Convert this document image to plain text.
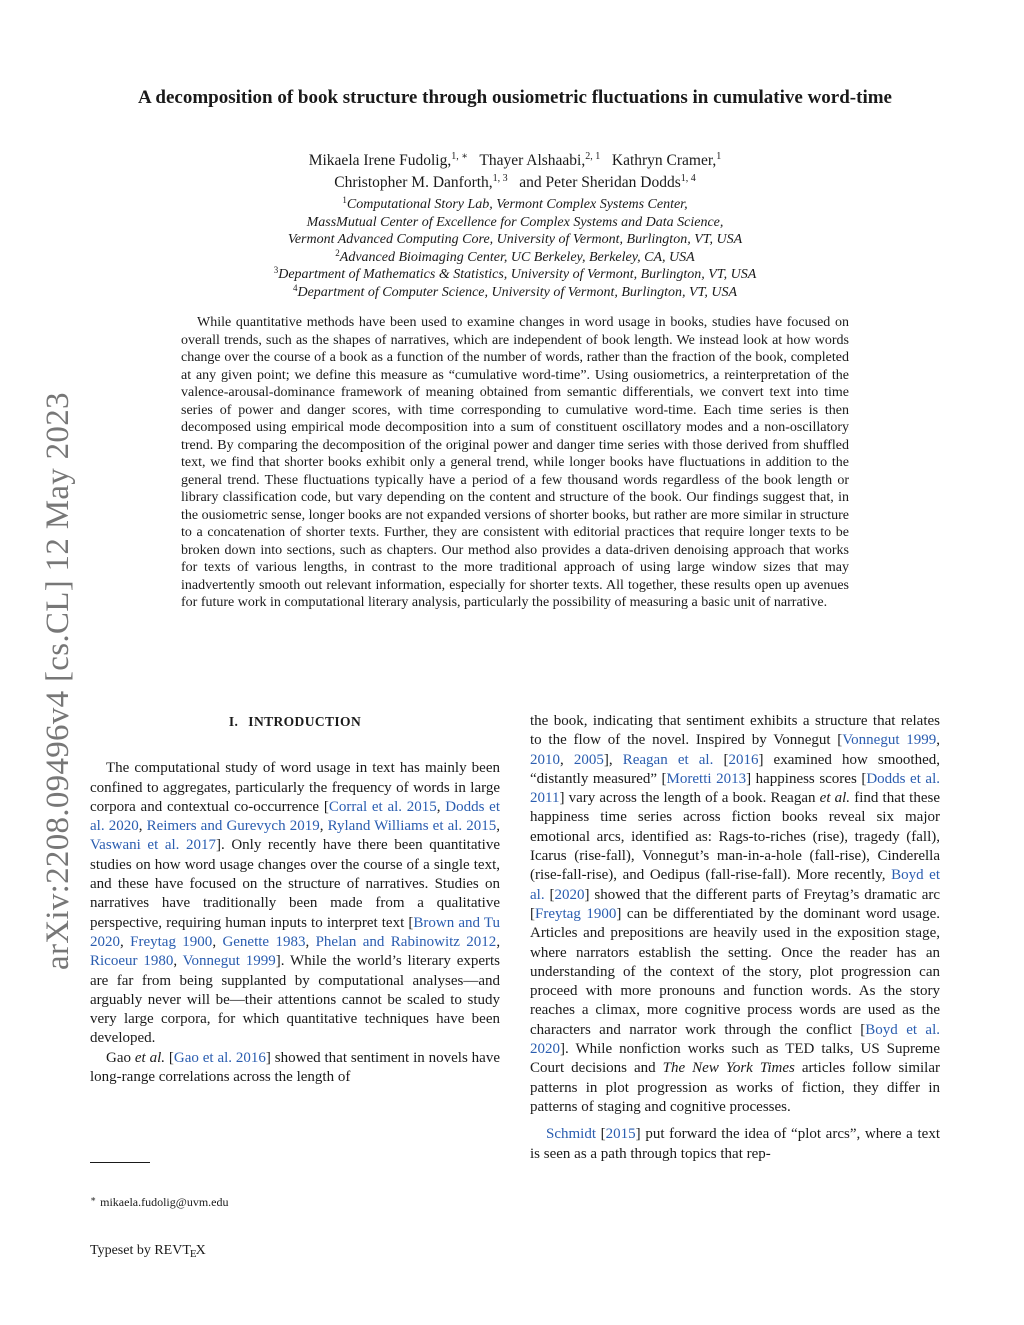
arXiv:2208.09496v4 [cs.CL] 12 May 2023
A decomposition of book structure through ousiometric fluctuations in cumulative word-time
Mikaela Irene Fudolig,$^{1, ∗}$ Thayer Alshaabi,$^{2, 1}$ Kathryn Cramer,$^1$
Christopher M. Danforth,$^{1, 3}$ and Peter Sheridan Dodds$^{1, 4}$
$^1$Computational Story Lab, Vermont Complex Systems Center,
MassMutual Center of Excellence for Complex Systems and Data Science,
Vermont Advanced Computing Core, University of Vermont, Burlington, VT, USA
$^2$Advanced Bioimaging Center, UC Berkeley, Berkeley, CA, USA
$^3$Department of Mathematics & Statistics, University of Vermont, Burlington, VT, USA
$^4$Department of Computer Science, University of Vermont, Burlington, VT, USA

While quantitative methods have been used to examine changes in word usage in books, studies have focused on overall trends, such as the shapes of narratives, which are independent of book length. We instead look at how words change over the course of a book as a function of the number of words, rather than the fraction of the book, completed at any given point; we define this measure as “cumulative word-time”. Using ousiometrics, a reinterpretation of the valence-arousal-dominance framework of meaning obtained from semantic differentials, we convert text into time series of power and danger scores, with time corresponding to cumulative word-time. Each time series is then decomposed using empirical mode decomposition into a sum of constituent oscillatory modes and a non-oscillatory trend. By comparing the decomposition of the original power and danger time series with those derived from shuffled text, we find that shorter books exhibit only a general trend, while longer books have fluctuations in addition to the general trend. These fluctuations typically have a period of a few thousand words regardless of the book length or library classification code, but vary depending on the content and structure of the book. Our findings suggest that, in the ousiometric sense, longer books are not expanded versions of shorter books, but rather are more similar in structure to a concatenation of shorter texts. Further, they are consistent with editorial practices that require longer texts to be broken down into sections, such as chapters. Our method also provides a data-driven denoising approach that works for texts of various lengths, in contrast to the more traditional approach of using large window sizes that may inadvertently smooth out relevant information, especially for shorter texts. All together, these results open up avenues for future work in computational literary analysis, particularly the possibility of measuring a basic unit of narrative.

I. INTRODUCTION

The computational study of word usage in text has mainly been confined to aggregates, particularly the frequency of words in large corpora and contextual co-occurrence [Corral et al. 2015, Dodds et al. 2020, Reimers and Gurevych 2019, Ryland Williams et al. 2015, Vaswani et al. 2017]. Only recently have there been quantitative studies on how word usage changes over the course of a single text, and these have focused on the structure of narratives. Studies on narratives have traditionally been made from a qualitative perspective, requiring human inputs to interpret text [Brown and Tu 2020, Freytag 1900, Genette 1983, Phelan and Rabinowitz 2012, Ricoeur 1980, Vonnegut 1999]. While the world’s literary experts are far from being supplanted by computational analyses—and arguably never will be—their attentions cannot be scaled to study very large corpora, for which quantitative techniques have been developed.

Gao et al. [Gao et al. 2016] showed that sentiment in novels have long-range correlations across the length of

the book, indicating that sentiment exhibits a structure that relates to the flow of the novel. Inspired by Vonnegut [Vonnegut 1999, 2010, 2005], Reagan et al. [2016] examined how smoothed, “distantly measured” [Moretti 2013] happiness scores [Dodds et al. 2011] vary across the length of a book. Reagan et al. find that these happiness time series across fiction books reveal six major emotional arcs, identified as: Rags-to-riches (rise), tragedy (fall), Icarus (rise-fall), Vonnegut’s man-in-a-hole (fall-rise), Cinderella (rise-fall-rise), and Oedipus (fall-rise-fall). More recently, Boyd et al. [2020] showed that the different parts of Freytag’s dramatic arc [Freytag 1900] can be differentiated by the dominant word usage. Articles and prepositions are heavily used in the exposition stage, where narrators establish the setting. Once the reader has an understanding of the context of the story, plot progression can proceed with more pronouns and function words. As the story reaches a climax, more cognitive process words are used as the characters and narrator work through the conflict [Boyd et al. 2020]. While nonfiction works such as TED talks, US Supreme Court decisions and The New York Times articles follow similar patterns in plot progression as works of fiction, they differ in patterns of staging and cognitive processes.

Schmidt [2015] put forward the idea of “plot arcs”, where a text is seen as a path through topics that rep-

∗ mikaela.fudolig@uvm.edu
Typeset by $REVT_EX$
